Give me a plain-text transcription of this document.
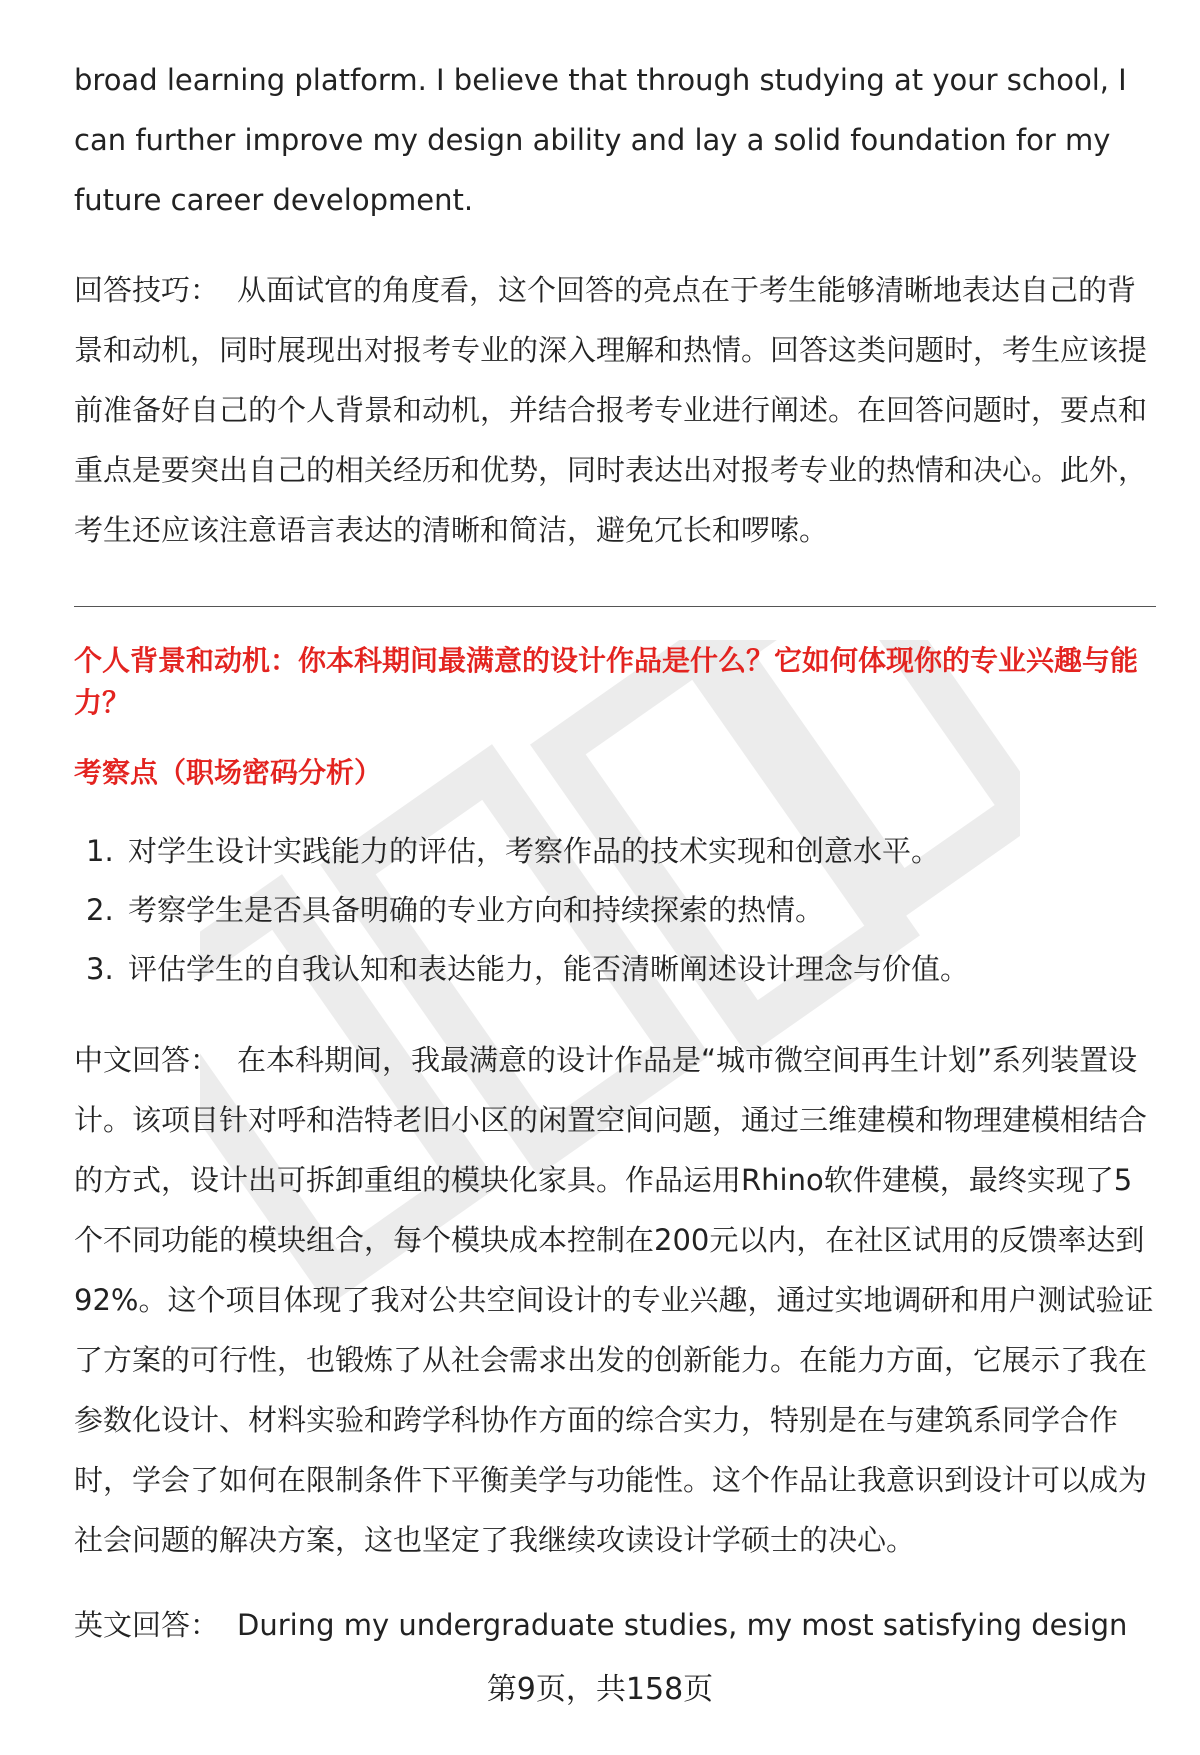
broad learning platform. I believe that through studying at your school, I can further improve my design ability and lay a solid foundation for my future career development.

回答技巧： 从面试官的角度看，这个回答的亮点在于考生能够清晰地表达自己的背景和动机，同时展现出对报考专业的深入理解和热情。回答这类问题时，考生应该提前准备好自己的个人背景和动机，并结合报考专业进行阐述。在回答问题时，要点和重点是要突出自己的相关经历和优势，同时表达出对报考专业的热情和决心。此外，考生还应该注意语言表达的清晰和简洁，避免冗长和啰嗦。

个人背景和动机：你本科期间最满意的设计作品是什么？它如何体现你的专业兴趣与能力？
考察点（职场密码分析）
1. 对学生设计实践能力的评估，考察作品的技术实现和创意水平。
2. 考察学生是否具备明确的专业方向和持续探索的热情。
3. 评估学生的自我认知和表达能力，能否清晰阐述设计理念与价值。

中文回答： 在本科期间，我最满意的设计作品是“城市微空间再生计划”系列装置设计。该项目针对呼和浩特老旧小区的闲置空间问题，通过三维建模和物理建模相结合的方式，设计出可拆卸重组的模块化家具。作品运用Rhino软件建模，最终实现了5个不同功能的模块组合，每个模块成本控制在200元以内，在社区试用的反馈率达到92%。这个项目体现了我对公共空间设计的专业兴趣，通过实地调研和用户测试验证了方案的可行性，也锻炼了从社会需求出发的创新能力。在能力方面，它展示了我在参数化设计、材料实验和跨学科协作方面的综合实力，特别是在与建筑系同学合作时，学会了如何在限制条件下平衡美学与功能性。这个作品让我意识到设计可以成为社会问题的解决方案，这也坚定了我继续攻读设计学硕士的决心。

英文回答： During my undergraduate studies, my most satisfying design

第9页，共158页
